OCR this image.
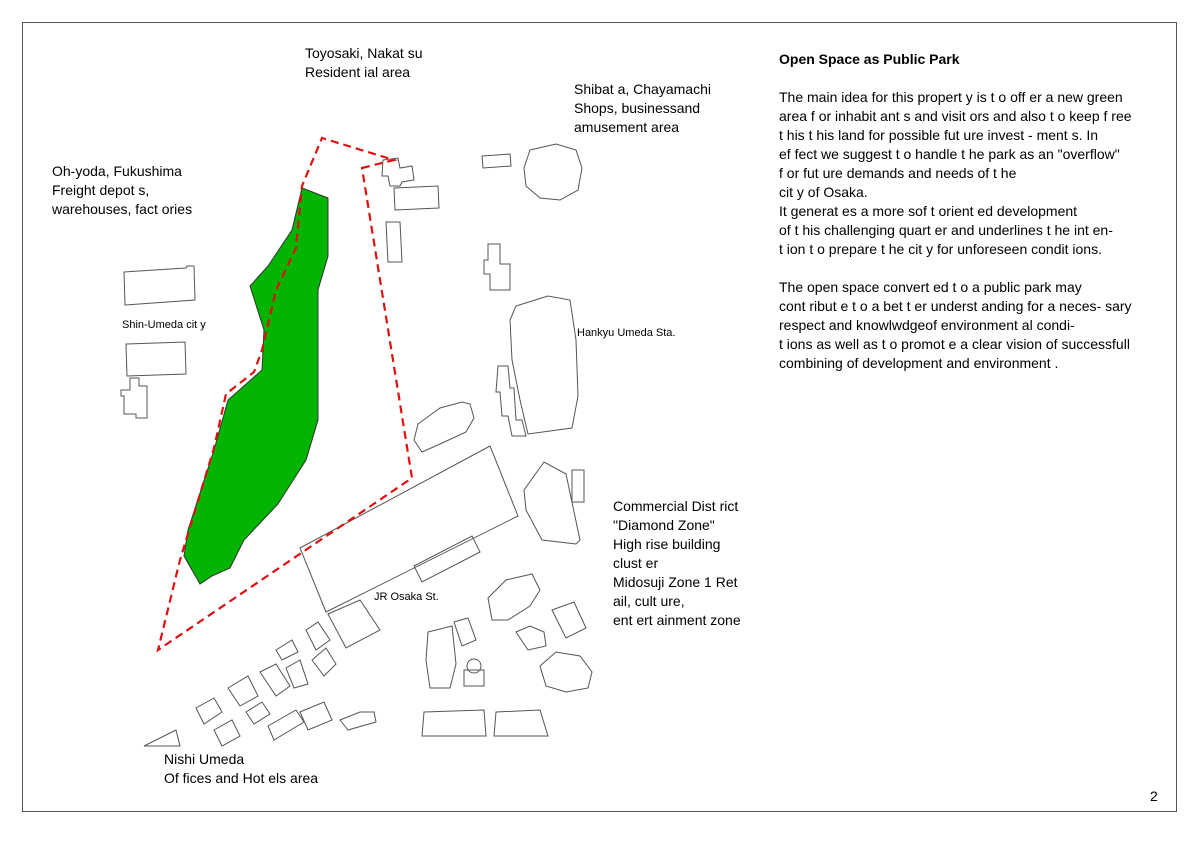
Toyosaki, Nakat su
Resident ial area
Shibat a, Chayamachi
Shops, businessand
amusement area
Oh-yoda, Fukushima
Freight depot s,
warehouses, fact ories
Shin-Umeda cit y
Hankyu Umeda Sta.
Commercial Dist rict
"Diamond Zone"
High rise building
clust er
Midosuji Zone 1 Ret
ail, cult ure,
ent ert ainment zone
JR Osaka St.
Nishi Umeda
Of fices and Hot els area
Open Space as Public Park
The main idea for this propert y is t o off er a new green
area f or inhabit ant s and visit ors and also t o keep f ree
t his t his land for possible fut ure invest - ment s. In
ef fect we suggest t o handle t he park as an "overflow"
f or fut ure demands and needs of t he
cit y of Osaka.
It generat es a more sof t orient ed development
of t his challenging quart er and underlines t he int en-
t ion t o prepare t he cit y for unforeseen condit ions.
The open space convert ed t o a public park may
cont ribut e t o a bet t er underst anding for a neces- sary
respect and knowlwdgeof environment al condi-
t ions as well as t o promot e a clear vision of successfull
combining of development and environment .
2
